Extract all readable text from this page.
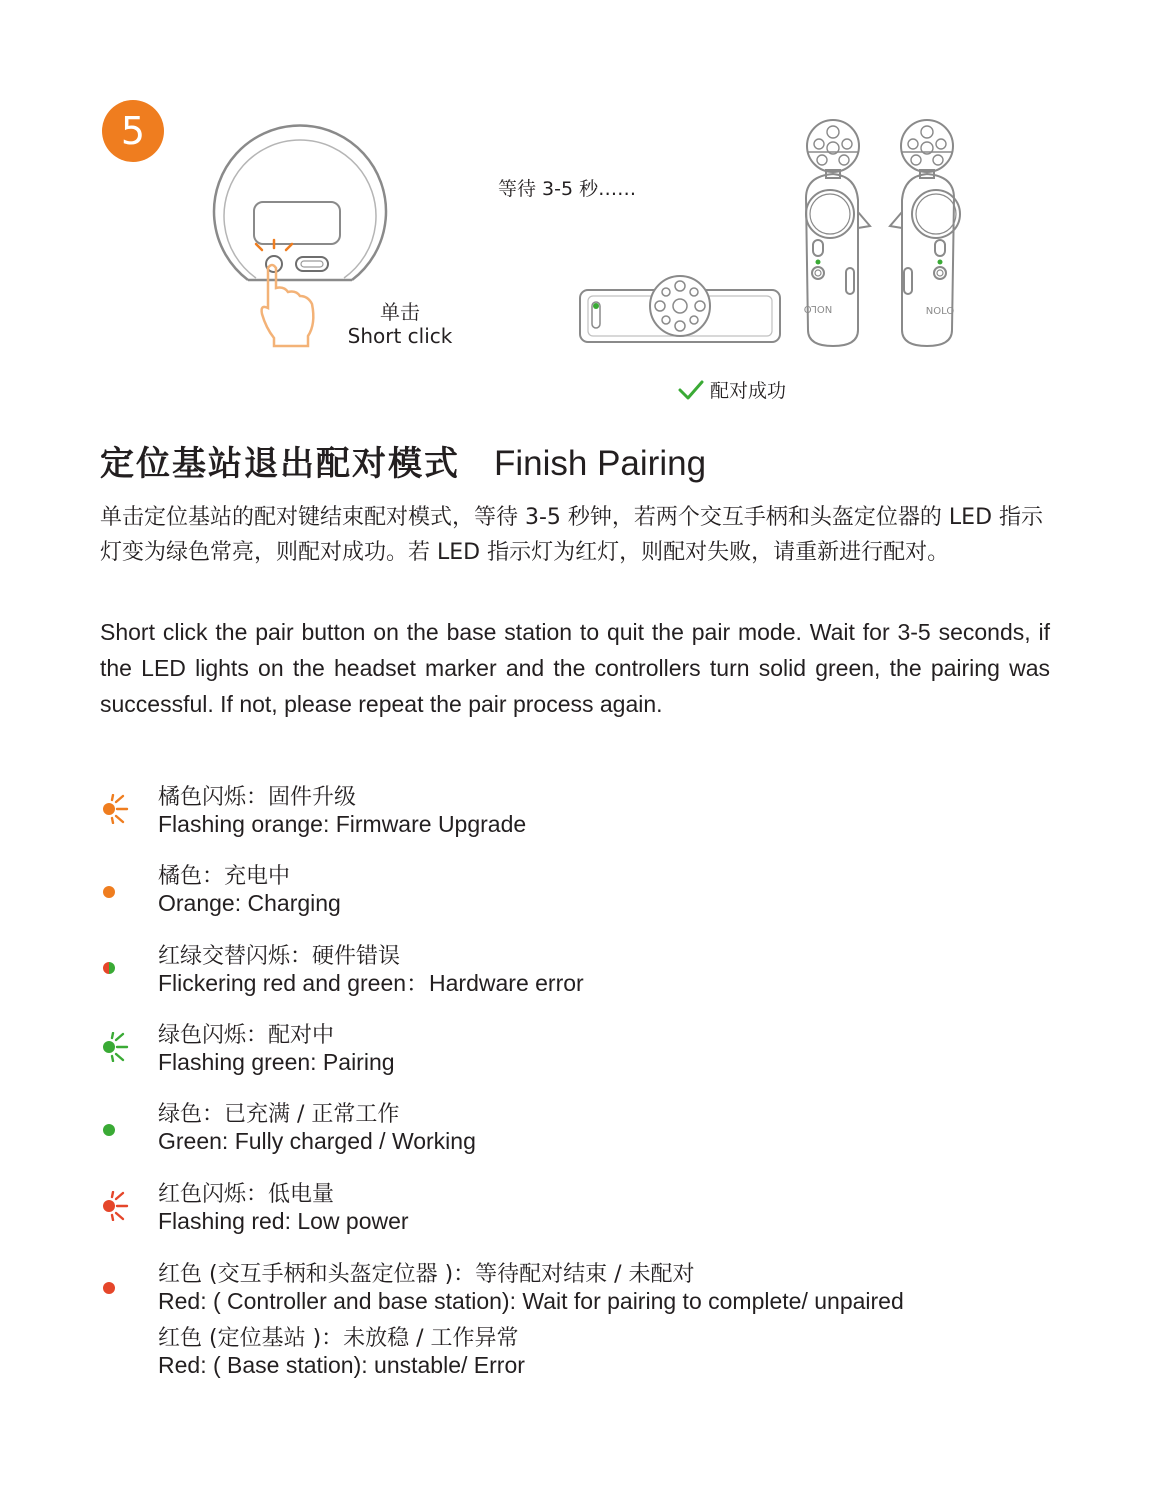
5
单击
Short click
等待 3-5 秒……
NOLO	NOLO
配对成功
定位基站退出配对模式 Finish Pairing

单击定位基站的配对键结束配对模式，等待 3-5 秒钟，若两个交互手柄和头盔定位器的 LED 指示灯变为绿色常亮，则配对成功。若 LED 指示灯为红灯，则配对失败，请重新进行配对。

Short click the pair button on the base station to quit the pair mode. Wait for 3-5 seconds, if the LED lights on the headset marker and the controllers turn solid green, the pairing was successful. If not, please repeat the pair process again.

橘色闪烁：固件升级
Flashing orange: Firmware Upgrade
橘色：充电中
Orange: Charging
红绿交替闪烁：硬件错误
Flickering red and green：Hardware error
绿色闪烁：配对中
Flashing green: Pairing
绿色：已充满 / 正常工作
Green: Fully charged / Working
红色闪烁：低电量
Flashing red: Low power
红色 (交互手柄和头盔定位器 )：等待配对结束 / 未配对
Red: ( Controller and base station): Wait for pairing to complete/ unpaired
红色 (定位基站 )：未放稳 / 工作异常
Red: ( Base station): unstable/ Error
